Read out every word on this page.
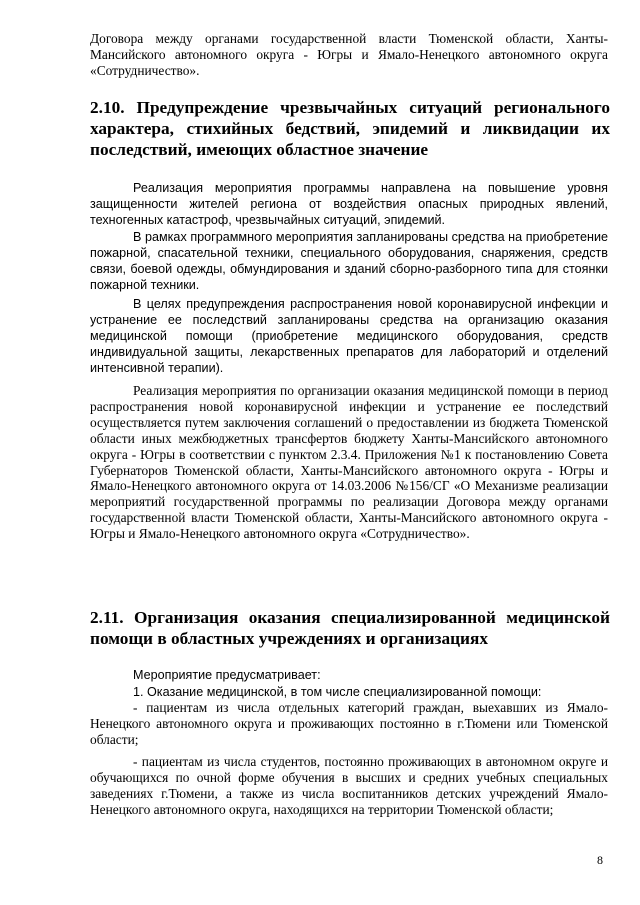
Договора между органами государственной власти Тюменской области, Ханты-Мансийского автономного округа - Югры и Ямало-Ненецкого автономного округа «Сотрудничество».
2.10. Предупреждение чрезвычайных ситуаций регионального характера, стихийных бедствий, эпидемий и ликвидации их последствий, имеющих областное значение
Реализация мероприятия программы направлена на повышение уровня защищенности жителей региона от воздействия опасных природных явлений, техногенных катастроф, чрезвычайных ситуаций, эпидемий.
В рамках программного мероприятия запланированы средства на приобретение пожарной, спасательной техники, специального оборудования, снаряжения, средств связи, боевой одежды, обмундирования и зданий сборно-разборного типа для стоянки пожарной техники.
В целях предупреждения распространения новой коронавирусной инфекции и устранение ее последствий запланированы средства на организацию оказания медицинской помощи (приобретение медицинского оборудования, средств индивидуальной защиты, лекарственных препаратов для лабораторий и отделений интенсивной терапии).
Реализация мероприятия по организации оказания медицинской помощи в период распространения новой коронавирусной инфекции и устранение ее последствий осуществляется путем заключения соглашений о предоставлении из бюджета Тюменской области иных межбюджетных трансфертов бюджету Ханты-Мансийского автономного округа - Югры в соответствии с пунктом 2.3.4. Приложения №1 к постановлению Совета Губернаторов Тюменской области, Ханты-Мансийского автономного округа - Югры и Ямало-Ненецкого автономного округа от 14.03.2006 №156/СГ «О Механизме реализации мероприятий государственной программы по реализации Договора между органами государственной власти Тюменской области, Ханты-Мансийского автономного округа - Югры и Ямало-Ненецкого автономного округа «Сотрудничество».
2.11. Организация оказания специализированной медицинской помощи в областных учреждениях и организациях
Мероприятие предусматривает:
1. Оказание медицинской, в том числе специализированной помощи:
- пациентам из числа отдельных категорий граждан, выехавших из Ямало-Ненецкого автономного округа и проживающих постоянно в г.Тюмени или Тюменской области;
- пациентам из числа студентов, постоянно проживающих в автономном округе и обучающихся по очной форме обучения в высших и средних учебных специальных заведениях г.Тюмени, а также из числа воспитанников детских учреждений Ямало-Ненецкого автономного округа, находящихся на территории Тюменской области;
8
